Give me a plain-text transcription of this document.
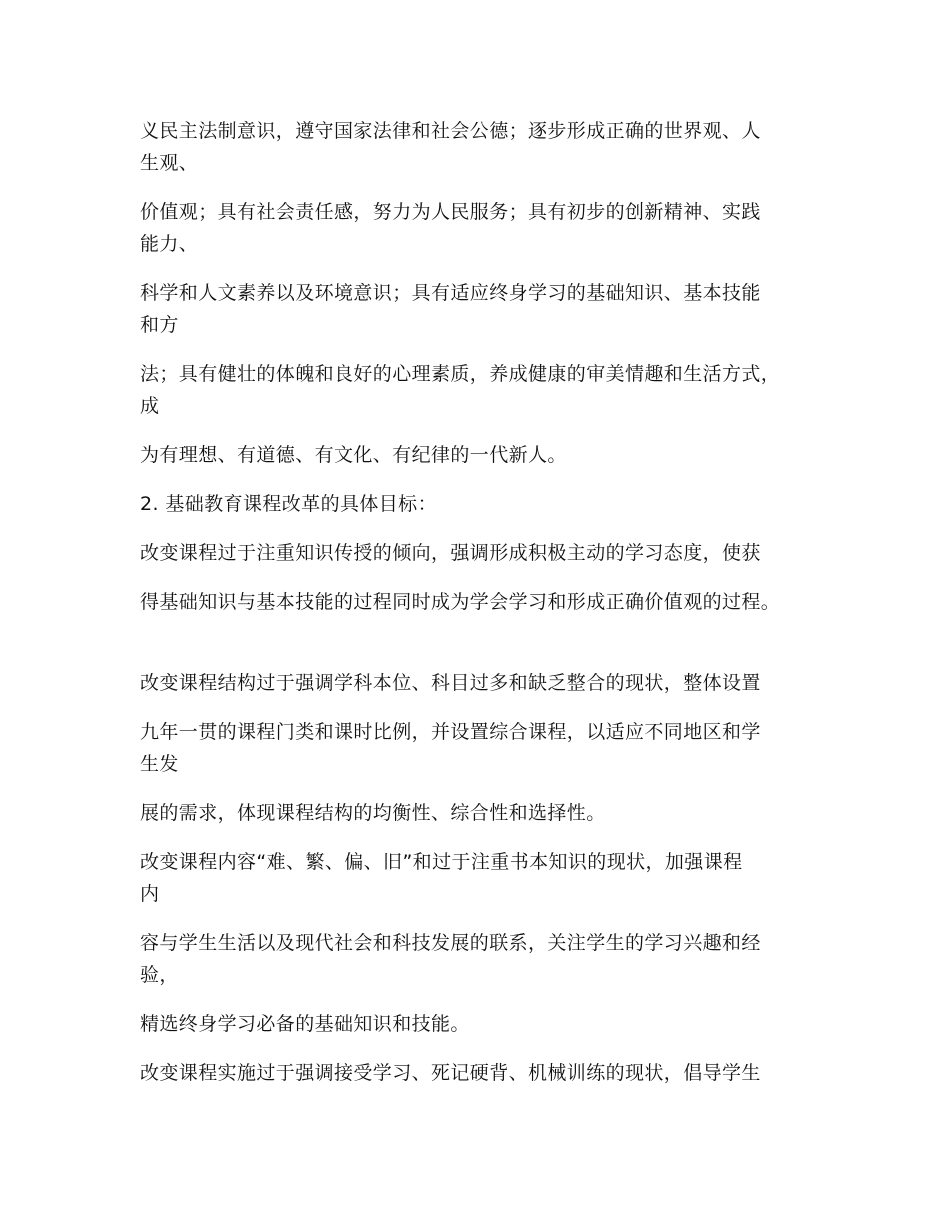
义民主法制意识，遵守国家法律和社会公德；逐步形成正确的世界观、人
生观、
价值观；具有社会责任感，努力为人民服务；具有初步的创新精神、实践
能力、
科学和人文素养以及环境意识；具有适应终身学习的基础知识、基本技能
和方
法；具有健壮的体魄和良好的心理素质，养成健康的审美情趣和生活方式，
成
为有理想、有道德、有文化、有纪律的一代新人。
2. 基础教育课程改革的具体目标：
改变课程过于注重知识传授的倾向，强调形成积极主动的学习态度，使获
得基础知识与基本技能的过程同时成为学会学习和形成正确价值观的过程。
改变课程结构过于强调学科本位、科目过多和缺乏整合的现状，整体设置
九年一贯的课程门类和课时比例，并设置综合课程，以适应不同地区和学
生发
展的需求，体现课程结构的均衡性、综合性和选择性。
改变课程内容“难、繁、偏、旧”和过于注重书本知识的现状，加强课程
内
容与学生生活以及现代社会和科技发展的联系，关注学生的学习兴趣和经
验，
精选终身学习必备的基础知识和技能。
改变课程实施过于强调接受学习、死记硬背、机械训练的现状，倡导学生
